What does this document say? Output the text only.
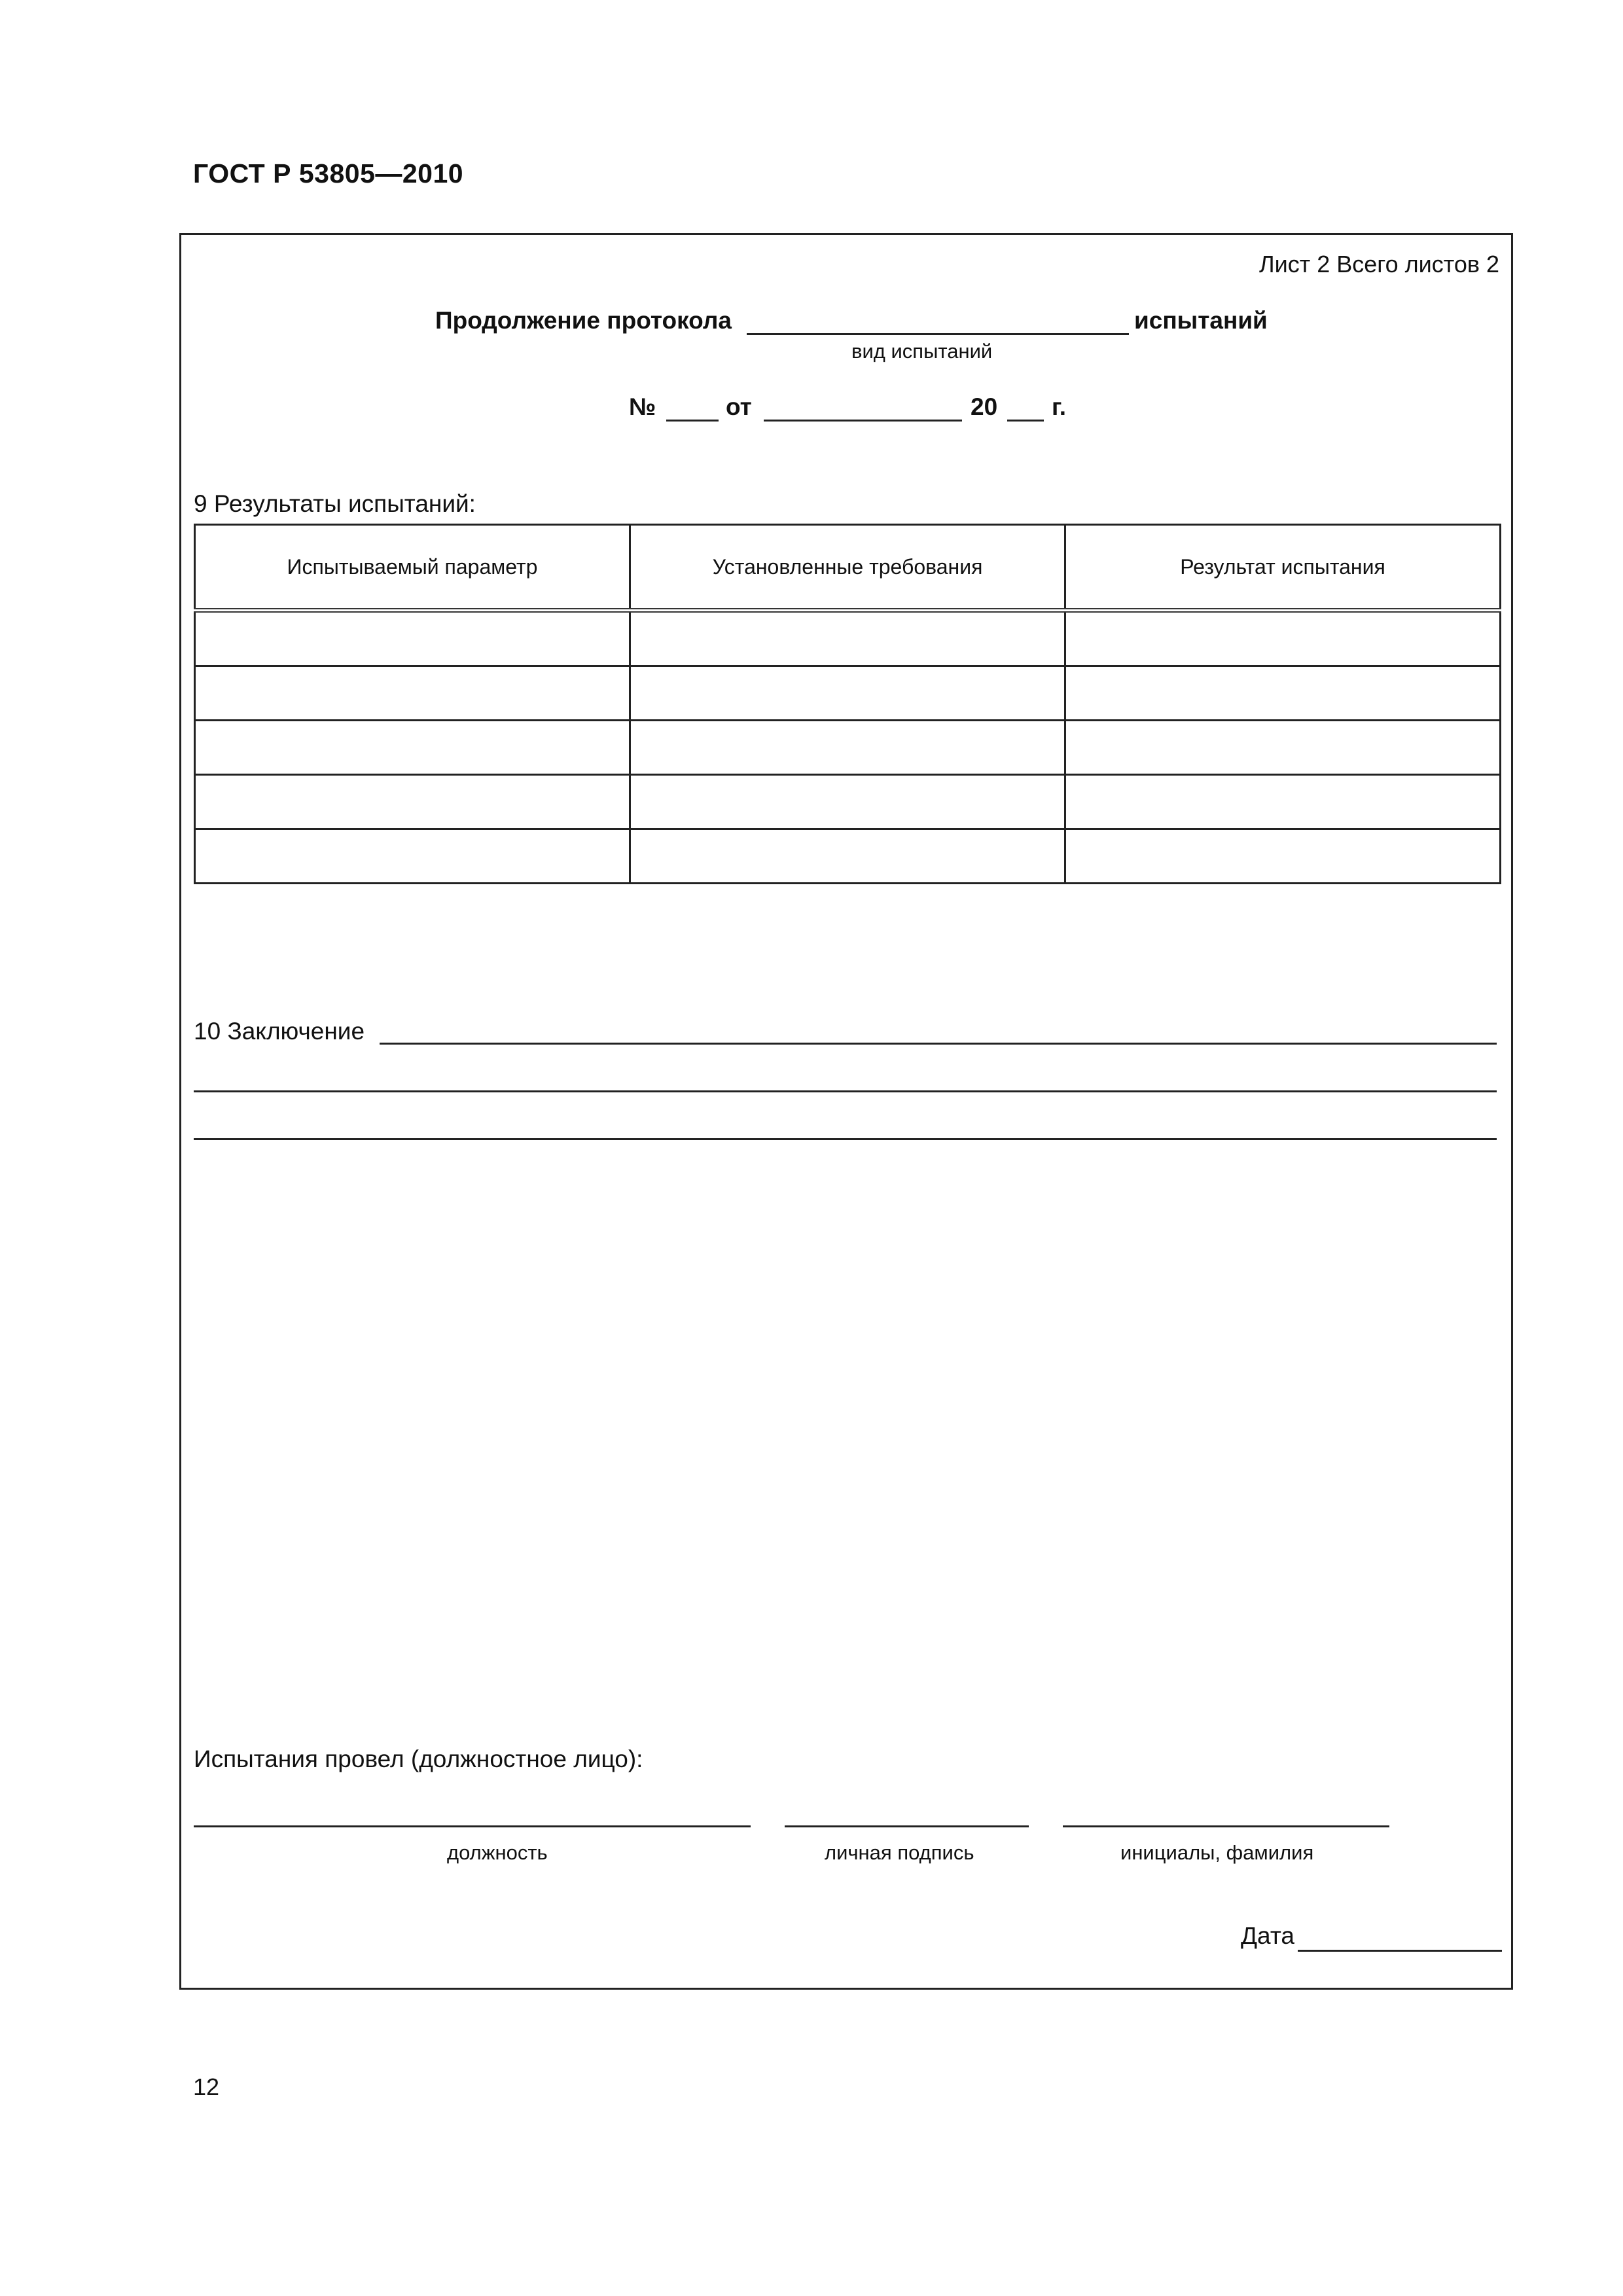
ГОСТ Р 53805—2010
Лист 2 Всего листов 2
Продолжение протокола	испытаний
вид испытаний
№	от	20 г.
9 Результаты испытаний:
Испытываемый параметр	Установленные требования	Результат испытания

10 Заключение
Испытания провел (должностное лицо):
должность	личная подпись	инициалы, фамилия
Дата
12
